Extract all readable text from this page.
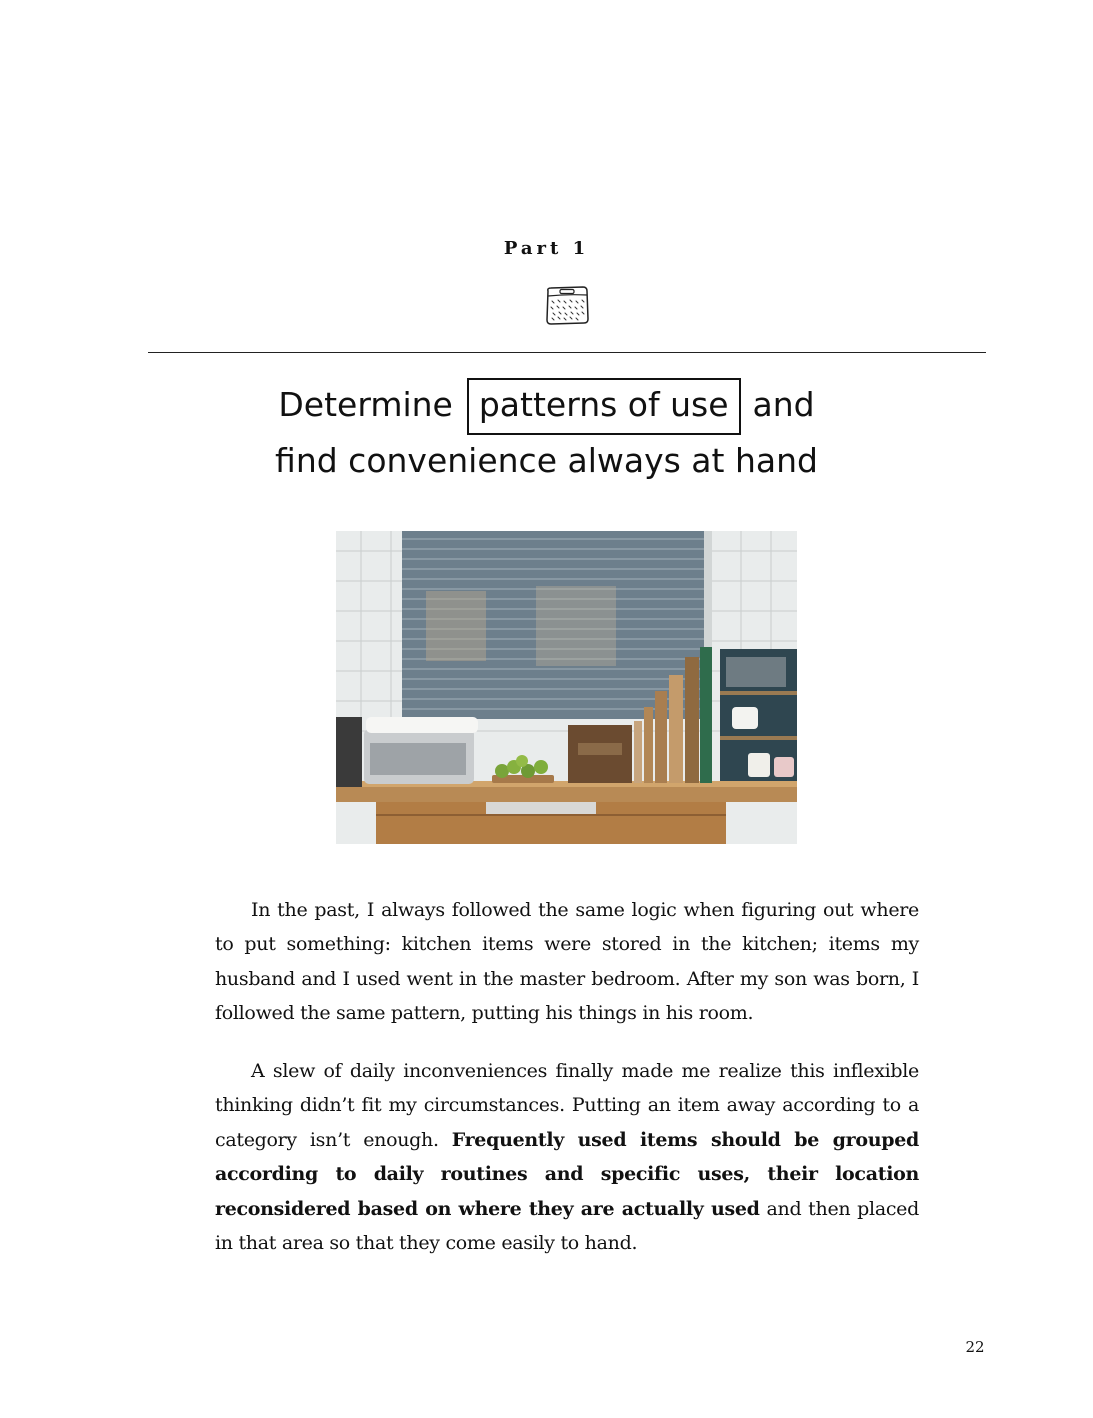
Part 1
Determine patterns of use and
find convenience always at hand

In the past, I always followed the same logic when figuring out where to put something: kitchen items were stored in the kitchen; items my husband and I used went in the master bedroom. After my son was born, I followed the same pattern, putting his things in his room.

A slew of daily inconveniences finally made me realize this inflexible thinking didn’t fit my circumstances. Putting an item away according to a category isn’t enough. Frequently used items should be grouped according to daily routines and specific uses, their location reconsidered based on where they are actually used and then placed in that area so that they come easily to hand.

22
